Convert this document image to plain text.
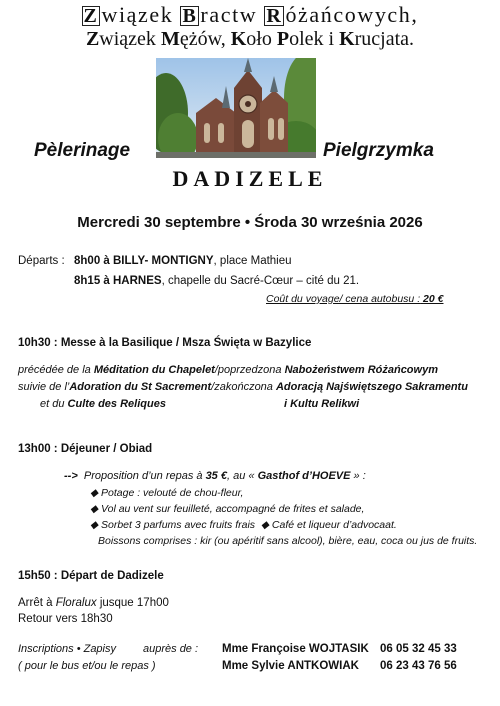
Z wiązek B ractw R óżańcowych,
Związek Mężów, Koło Polek i Krucjata.
Pèlerinage	Pielgrzymka
DADIZELE
Mercredi 30 septembre • Środa 30 września 2026
Départs : 8h00 à BILLY- MONTIGNY, place Mathieu
8h15 à HARNES, chapelle du Sacré-Cœur – cité du 21.
Coût du voyage/ cena autobusu : 20 €
10h30 : Messe à la Basilique / Msza Święta w Bazylice
précédée de la Méditation du Chapelet/poprzedzona Nabożeństwem Różańcowym
suivie de l’Adoration du St Sacrement/zakończona Adoracją Najświętszego Sakramentu
et du Culte des Reliques	i Kultu Relikwi
13h00 : Déjeuner / Obiad
--> Proposition d’un repas à 35 €, au « Gasthof d’HOEVE » :
◆ Potage : velouté de chou-fleur,
◆ Vol au vent sur feuilleté, accompagné de frites et salade,
◆ Sorbet 3 parfums avec fruits frais ◆ Café et liqueur d’advocaat.
Boissons comprises : kir (ou apéritif sans alcool), bière, eau, coca ou jus de fruits.
15h50 : Départ de Dadizele
Arrêt à Floralux jusque 17h00
Retour vers 18h30
Inscriptions • Zapisy auprès de :
( pour le bus et/ou le repas )
Mme Françoise WOJTASIK 06 05 32 45 33
Mme Sylvie ANTKOWIAK 06 23 43 76 56
